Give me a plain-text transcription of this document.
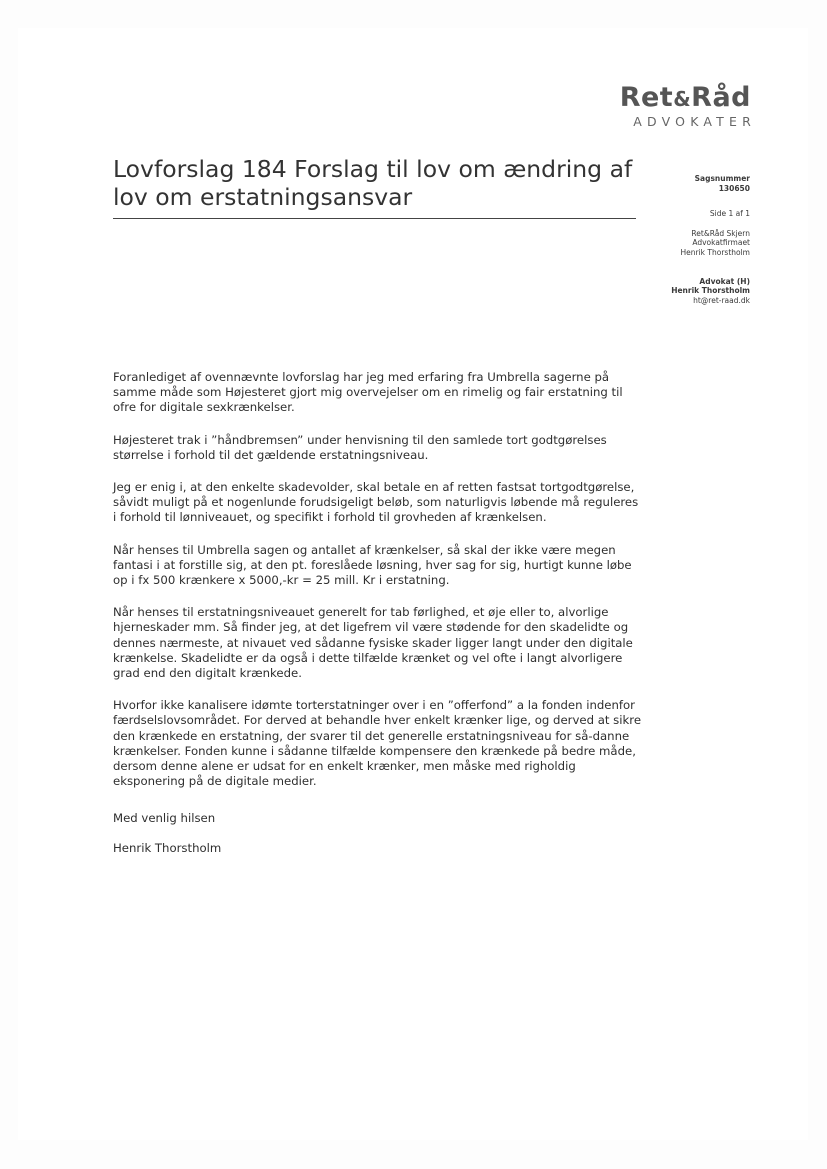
Ret&Råd
ADVOKATER
Lovforslag 184 Forslag til lov om ændring af lov om erstatningsansvar
Sagsnummer
130650
Side 1 af 1
Ret&Råd Skjern
Advokatfirmaet
Henrik Thorstholm
Advokat (H)
Henrik Thorstholm
ht@ret-raad.dk

Foranlediget af ovennævnte lovforslag har jeg med erfaring fra Umbrella sagerne på samme måde som Højesteret gjort mig overvejelser om en rimelig og fair erstatning til ofre for digitale sexkrænkelser.

Højesteret trak i ”håndbremsen” under henvisning til den samlede tort godtgørelses størrelse i forhold til det gældende erstatningsniveau.

Jeg er enig i, at den enkelte skadevolder, skal betale en af retten fastsat tortgodtgørelse, såvidt muligt på et nogenlunde forudsigeligt beløb, som naturligvis løbende må reguleres i forhold til lønniveauet, og specifikt i forhold til grovheden af krænkelsen.

Når henses til Umbrella sagen og antallet af krænkelser, så skal der ikke være megen fantasi i at forstille sig, at den pt. foreslåede løsning, hver sag for sig, hurtigt kunne løbe op i fx 500 krænkere x 5000,-kr = 25 mill. Kr i erstatning.

Når henses til erstatningsniveauet generelt for tab førlighed, et øje eller to, alvorlige hjerneskader mm. Så finder jeg, at det ligefrem vil være stødende for den skadelidte og dennes nærmeste, at nivauet ved sådanne fysiske skader ligger langt under den digitale krænkelse. Skadelidte er da også i dette tilfælde krænket og vel ofte i langt alvorligere grad end den digitalt krænkede.

Hvorfor ikke kanalisere idømte torterstatninger over i en ”offerfond” a la fonden indenfor færdselslovsområdet. For derved at behandle hver enkelt krænker lige, og derved at sikre den krænkede en erstatning, der svarer til det generelle erstatningsniveau for så-danne krænkelser. Fonden kunne i sådanne tilfælde kompensere den krænkede på bedre måde, dersom denne alene er udsat for en enkelt krænker, men måske med righoldig eksponering på de digitale medier.

Med venlig hilsen

Henrik Thorstholm
